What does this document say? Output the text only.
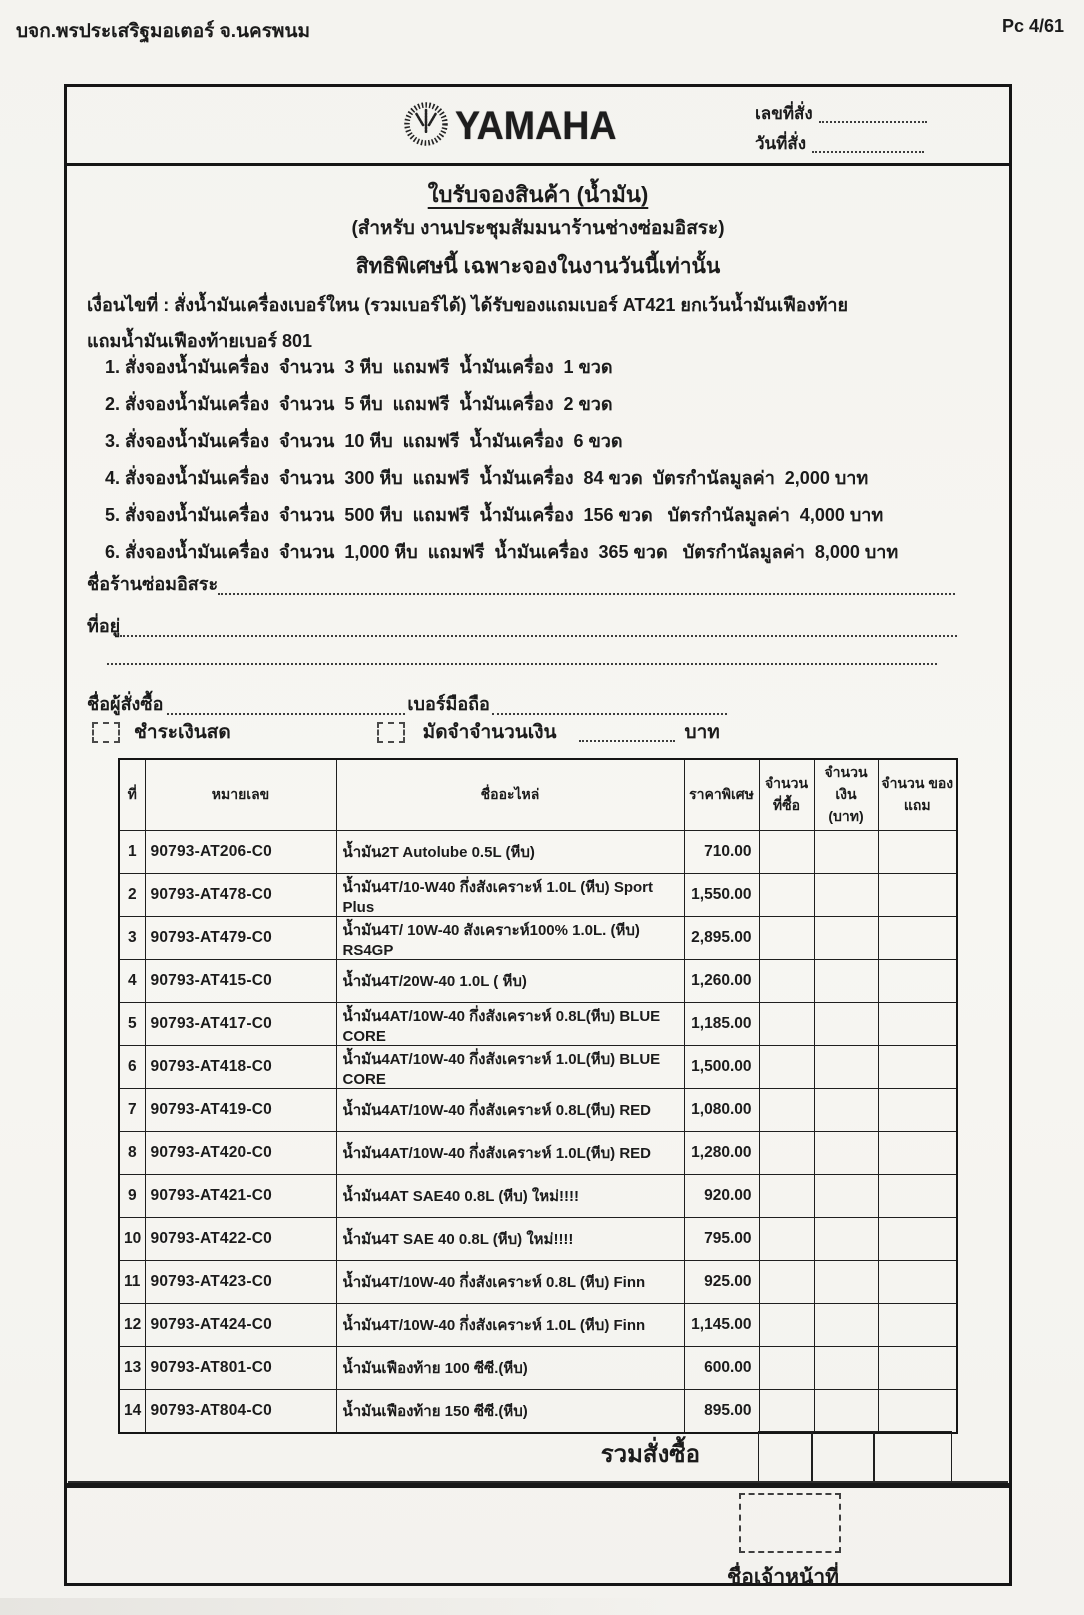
บจก.พรประเสริฐมอเตอร์ จ.นครพนม	Pc 4/61
YAMAHA	เลขที่สั่ง
วันที่สั่ง
ใบรับจองสินค้า (น้ำมัน)
(สำหรับ งานประชุมสัมมนาร้านช่างซ่อมอิสระ)
สิทธิพิเศษนี้ เฉพาะจองในงานวันนี้เท่านั้น
เงื่อนไขที่ : สั่งน้ำมันเครื่องเบอร์ใหน (รวมเบอร์ได้) ได้รับของแถมเบอร์ AT421 ยกเว้นน้ำมันเฟืองท้าย
แถมน้ำมันเฟืองท้ายเบอร์ 801
1. สั่งจองน้ำมันเครื่อง  จำนวน  3 หีบ  แถมฟรี  น้ำมันเครื่อง  1 ขวด
2. สั่งจองน้ำมันเครื่อง  จำนวน  5 หีบ  แถมฟรี  น้ำมันเครื่อง  2 ขวด
3. สั่งจองน้ำมันเครื่อง  จำนวน  10 หีบ  แถมฟรี  น้ำมันเครื่อง  6 ขวด
4. สั่งจองน้ำมันเครื่อง  จำนวน  300 หีบ  แถมฟรี  น้ำมันเครื่อง  84 ขวด  บัตรกำนัลมูลค่า  2,000 บาท
5. สั่งจองน้ำมันเครื่อง  จำนวน  500 หีบ  แถมฟรี  น้ำมันเครื่อง  156 ขวด   บัตรกำนัลมูลค่า  4,000 บาท
6. สั่งจองน้ำมันเครื่อง  จำนวน  1,000 หีบ  แถมฟรี  น้ำมันเครื่อง  365 ขวด   บัตรกำนัลมูลค่า  8,000 บาท
ชื่อร้านซ่อมอิสระ
ที่อยู่
ชื่อผู้สั่งซื้อ	เบอร์มือถือ
ชำระเงินสด	มัดจำจำนวนเงิน	บาท
ที่	หมายเลข	ชื่ออะไหล่	ราคาพิเศษ	จำนวน ที่ซื้อ	จำนวนเงิน (บาท)	จำนวน ของ แถม
1	90793-AT206-C0	น้ำมัน2T Autolube 0.5L (หีบ)	710.00			
2	90793-AT478-C0	น้ำมัน4T/10-W40 กึ่งสังเคราะห์ 1.0L (หีบ) Sport Plus	1,550.00			
3	90793-AT479-C0	น้ำมัน4T/ 10W-40 สังเคราะห์100% 1.0L. (หีบ) RS4GP	2,895.00			
4	90793-AT415-C0	น้ำมัน4T/20W-40 1.0L ( หีบ)	1,260.00			
5	90793-AT417-C0	น้ำมัน4AT/10W-40 กึ่งสังเคราะห์ 0.8L(หีบ) BLUE CORE	1,185.00			
6	90793-AT418-C0	น้ำมัน4AT/10W-40 กึ่งสังเคราะห์ 1.0L(หีบ) BLUE CORE	1,500.00			
7	90793-AT419-C0	น้ำมัน4AT/10W-40 กึ่งสังเคราะห์ 0.8L(หีบ) RED	1,080.00			
8	90793-AT420-C0	น้ำมัน4AT/10W-40 กึ่งสังเคราะห์ 1.0L(หีบ) RED	1,280.00			
9	90793-AT421-C0	น้ำมัน4AT SAE40 0.8L (หีบ) ใหม่!!!!	920.00			
10	90793-AT422-C0	น้ำมัน4T SAE 40 0.8L (หีบ) ใหม่!!!!	795.00			
11	90793-AT423-C0	น้ำมัน4T/10W-40 กึ่งสังเคราะห์ 0.8L (หีบ) Finn	925.00			
12	90793-AT424-C0	น้ำมัน4T/10W-40 กึ่งสังเคราะห์ 1.0L (หีบ) Finn	1,145.00			
13	90793-AT801-C0	น้ำมันเฟืองท้าย 100 ซีซี.(หีบ)	600.00			
14	90793-AT804-C0	น้ำมันเฟืองท้าย 150 ซีซี.(หีบ)	895.00			
รวมสั่งซื้อ
ชื่อเจ้าหน้าที่
